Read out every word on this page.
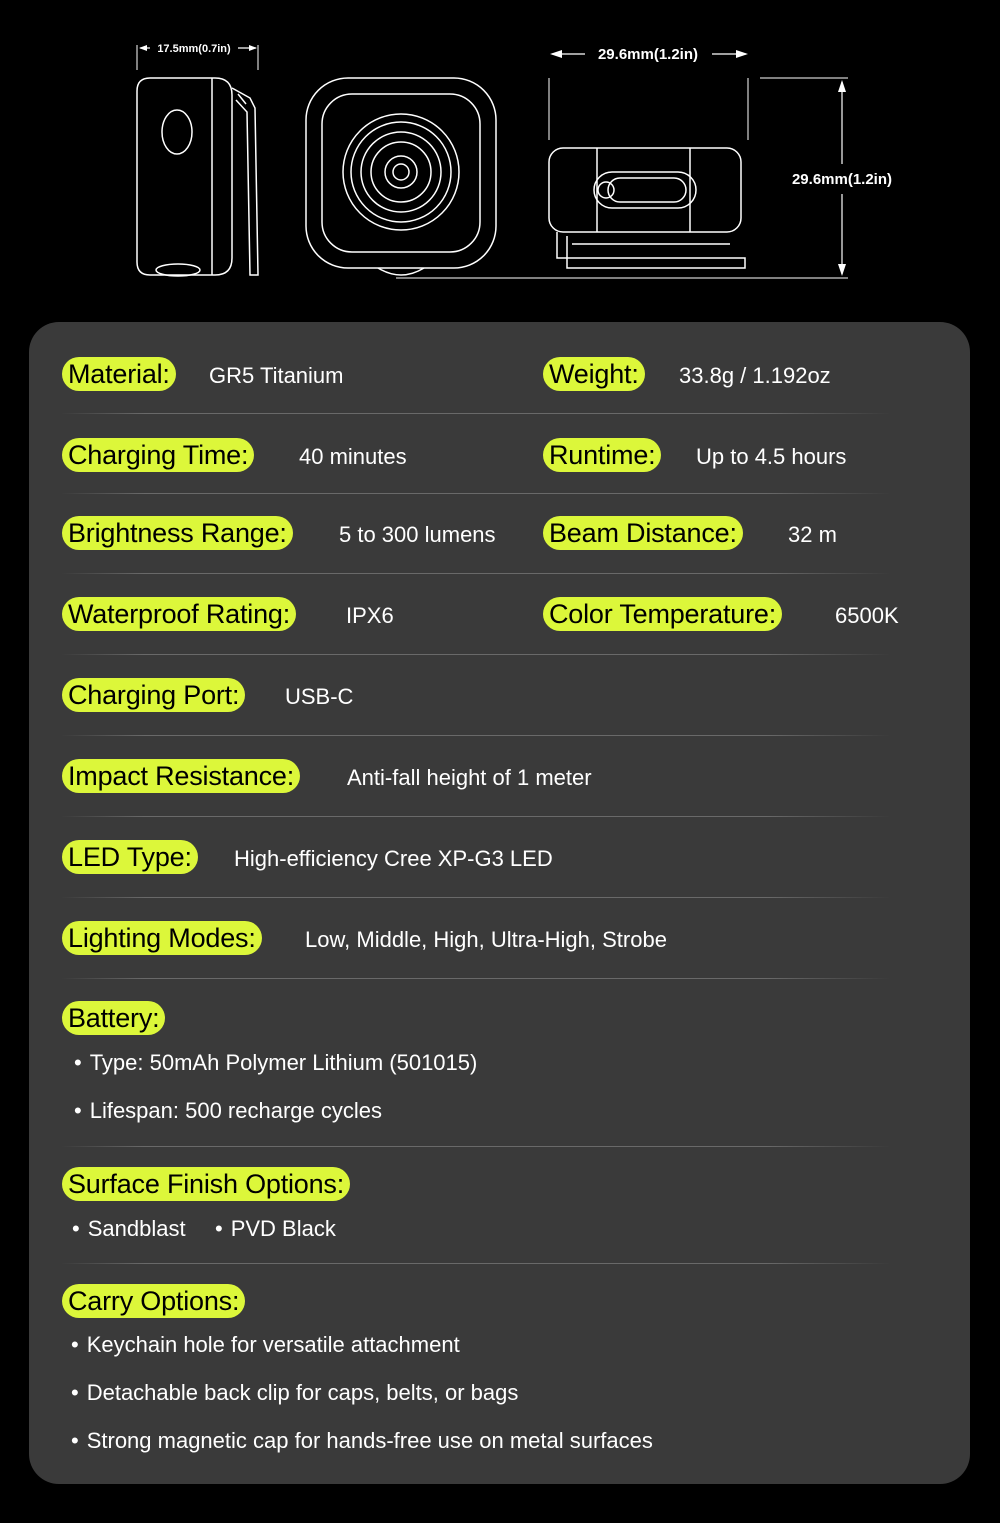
17.5mm(0.7in)	29.6mm(1.2in)
29.6mm(1.2in)
Material: GR5 Titanium	Weight: 33.8g / 1.192oz
Charging Time: 40 minutes	Runtime: Up to 4.5 hours
Brightness Range: 5 to 300 lumens Beam Distance: 32 m
Waterproof Rating:	IPX6	Color Temperature:	6500K
Charging Port: USB-C
Impact Resistance: Anti-fall height of 1 meter
LED Type: High-efficiency Cree XP-G3 LED
Lighting Modes: Low, Middle, High, Ultra-High, Strobe
Battery:
• Type: 50mAh Polymer Lithium (501015)
• Lifespan: 500 recharge cycles
Surface Finish Options:
• Sandblast • PVD Black
Carry Options:
• Keychain hole for versatile attachment
• Detachable back clip for caps, belts, or bags
• Strong magnetic cap for hands-free use on metal surfaces
